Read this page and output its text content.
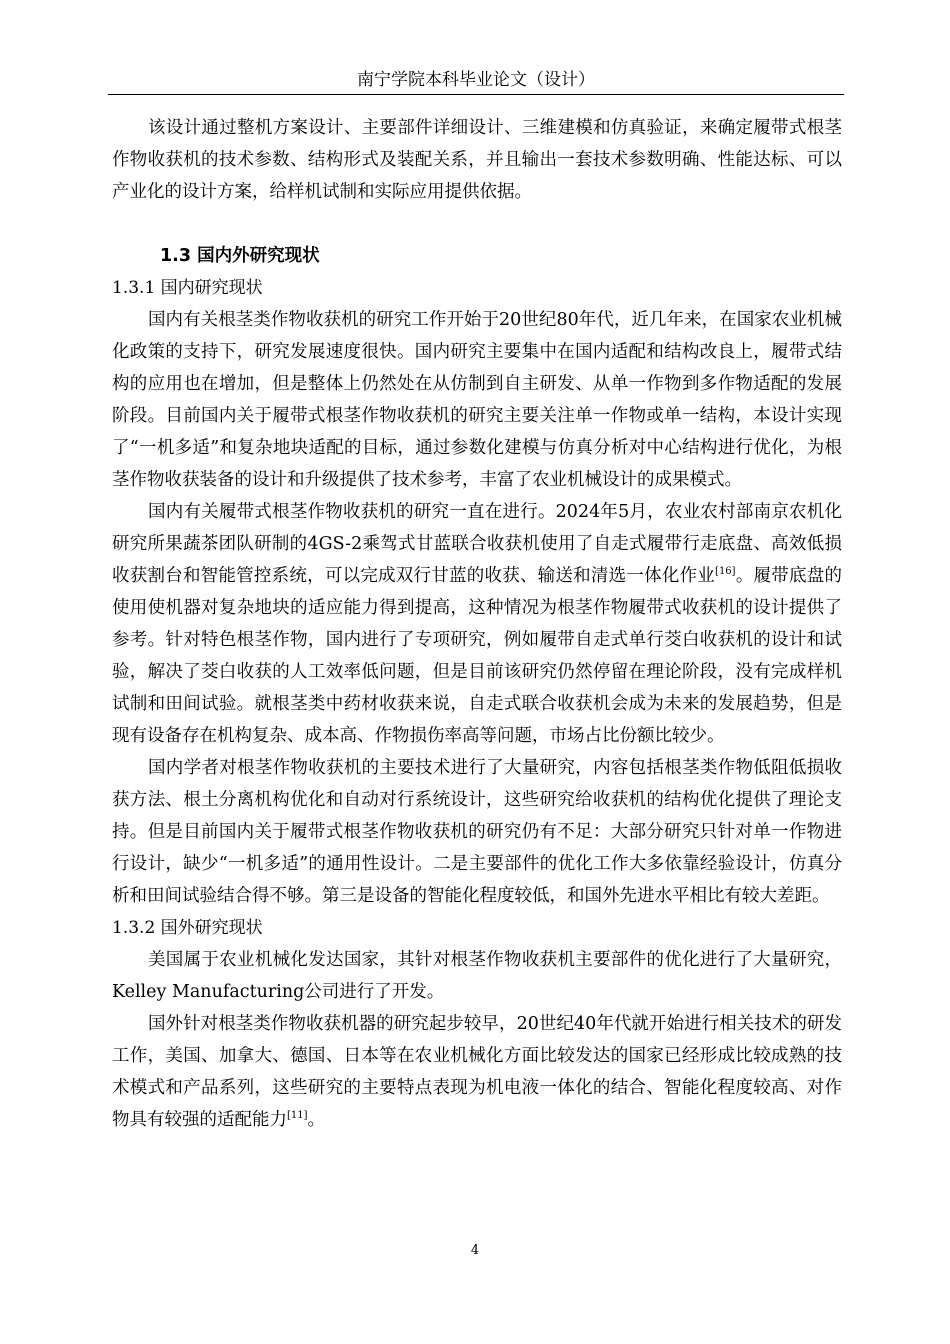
南宁学院本科毕业论文（设计）

该设计通过整机方案设计、主要部件详细设计、三维建模和仿真验证，来确定履带式根茎作物收获机的技术参数、结构形式及装配关系，并且输出一套技术参数明确、性能达标、可以产业化的设计方案，给样机试制和实际应用提供依据。

1.3 国内外研究现状
1.3.1 国内研究现状

国内有关根茎类作物收获机的研究工作开始于20世纪80年代，近几年来，在国家农业机械化政策的支持下，研究发展速度很快。国内研究主要集中在国内适配和结构改良上，履带式结构的应用也在增加，但是整体上仍然处在从仿制到自主研发、从单一作物到多作物适配的发展阶段。目前国内关于履带式根茎作物收获机的研究主要关注单一作物或单一结构，本设计实现了“一机多适”和复杂地块适配的目标，通过参数化建模与仿真分析对中心结构进行优化，为根茎作物收获装备的设计和升级提供了技术参考，丰富了农业机械设计的成果模式。

国内有关履带式根茎作物收获机的研究一直在进行。2024年5月，农业农村部南京农机化研究所果蔬茶团队研制的4GS-2乘驾式甘蓝联合收获机使用了自走式履带行走底盘、高效低损收获割台和智能管控系统，可以完成双行甘蓝的收获、输送和清选一体化作业[16]。履带底盘的使用使机器对复杂地块的适应能力得到提高，这种情况为根茎作物履带式收获机的设计提供了参考。针对特色根茎作物，国内进行了专项研究，例如履带自走式单行茭白收获机的设计和试验，解决了茭白收获的人工效率低问题，但是目前该研究仍然停留在理论阶段，没有完成样机试制和田间试验。就根茎类中药材收获来说，自走式联合收获机会成为未来的发展趋势，但是现有设备存在机构复杂、成本高、作物损伤率高等问题，市场占比份额比较少。

国内学者对根茎作物收获机的主要技术进行了大量研究，内容包括根茎类作物低阻低损收获方法、根土分离机构优化和自动对行系统设计，这些研究给收获机的结构优化提供了理论支持。但是目前国内关于履带式根茎作物收获机的研究仍有不足：大部分研究只针对单一作物进行设计，缺少“一机多适”的通用性设计。二是主要部件的优化工作大多依靠经验设计，仿真分析和田间试验结合得不够。第三是设备的智能化程度较低，和国外先进水平相比有较大差距。

1.3.2 国外研究现状

美国属于农业机械化发达国家，其针对根茎作物收获机主要部件的优化进行了大量研究，Kelley Manufacturing公司进行了开发。

国外针对根茎类作物收获机器的研究起步较早，20世纪40年代就开始进行相关技术的研发工作，美国、加拿大、德国、日本等在农业机械化方面比较发达的国家已经形成比较成熟的技术模式和产品系列，这些研究的主要特点表现为机电液一体化的结合、智能化程度较高、对作物具有较强的适配能力[11]。

4
